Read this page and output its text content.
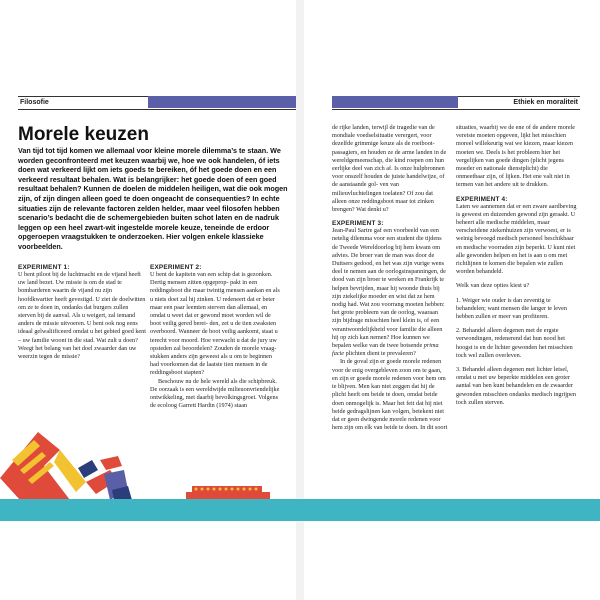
Filosofie
Morele keuzen
Van tijd tot tijd komen we allemaal voor kleine morele dilemma’s te staan. We worden geconfronteerd met keuzen waarbij we, hoe we ook handelen, óf iets doen wat verkeerd lijkt om iets goeds te bereiken, óf het goede doen en een verkeerd resultaat behalen. Wat is belangrijker: het goede doen of een goed resultaat behalen? Kunnen de doelen de middelen heiligen, wat die ook mogen zijn, of zijn dingen alleen goed te doen ongeacht de consequenties? In echte situaties zijn de relevante factoren zelden helder, maar veel filosofen hebben scenario’s bedacht die de schemergebieden buiten schot laten en de nadruk leggen op een heel zwart-wit ingestelde morele keuze, teneinde de erdoor opgeroepen vraagstukken te onderzoeken. Hier volgen enkele klassieke voorbeelden.
EXPERIMENT 1:

U bent piloot bij de luchtmacht en de vijand heeft uw land bezet. Uw missie is om de stad te bombarderen waarin de vijand nu zijn hoofdkwartier heeft gevestigd. U ziet de doelwitten om ze te doen in, ondanks dat burgers zullen sterven bij de aanval. Als u weigert, zal iemand anders de missie uitvoeren. U bent ook nog eens ideaal gelwaliificeerd omdat u het gebied goed kent – uw familie woont in die stad. Wat zult u doen? Weegt het belang van het doel zwaarder dan uw weerzin tegen de missie?

EXPERIMENT 2:

U bent de kapitein van een schip dat is gezonken. Dertig mensen zitten opgeprop- pakt in een reddingsboot die maar twintig mensen aankan en als u niets doet zal hij zinken. U redeneert dat er beter maar een paar leemten sterven dan allemaal, en omdat u weet dat er gewond moet worden wil de boot veilig gered berei- den, zet u de tien zwaksten overboord. Wanneer de boot veilig aankomt, staat u terecht voor moord. Hoe verwacht u dat de jury uw opsteden zal beoordelen? Zouden de morele vraag- stukken anders zijn geweest als u om te beginnen had voorkomen dat de laatste tien mensen in de reddingsboot stapten?

Beschouw nu de hele wereld als die schipbreuk. De oorzaak is een wereldwijde milieuonvriendelijke ontwikkeling, met daarbij bevolkingsgroei. Volgens de ecoloog Garrett Hardin (1974) staan

Ethiek en moraliteit

de rijke landen, terwijl de tragedie van de mondiale voedselsituatie verergert, voor dezelfde grimmige keuze als de roeiboot-passagiers, en houden ze de arme landen in de wereldgemeenschap, die kind roepen om hun eerlijke deel van zich af. Is onze hulpbronnen voor onszelf houden de juiste handelwijze, of de aanstaande gol- ven van milieuvluchtelingen toelaten? Of zou dat alleen onze reddingsboot maar tot zinken brengen? Wat denkt u?

EXPERIMENT 3:

Jean-Paul Sartre gaf een voorbeeld van een netelig dilemma voor een student die tijdens de Tweede Wereldoorlog bij hem kwam om advies. De broer van de man was door de Duitsers gedood, en het was zijn vurige wens deel te nemen aan de oorlogsinspanningen, de dood van zijn broer te wreken en Frankrijk te helpen bevrijden, maar hij woonde thuis bij zijn ziekelijke moeder en wist dat ze hem nodig had. Wat zou voorrang moeten hebben: het grote probleem van de oorlog, waaraan zijn bijdrage misschien heel klein is, of een verantwoordelijkheid voor familie die alleen hij op zich kan nemen? Hoe kunnen we bepalen welke van de twee botsende prima facie plichten dient te prevaleren?

In de goval zijn er goede morele redenen voor de enig overgebleven zoon om te gaan, en zijn er goede morele redenen voor hem om te blijven. Men kan niet zeggen dat hij de plicht heeft om beide te doen, omdat beide doen onmogelijk is. Maar het feit dat hij niet beide gedragslijnen kan volgen, betekent niet dat er geen dwingende morele redenen voor hem zijn om elk van beide te doen. In dit soort

situaties, waarbij we de ene of de andere morele vereiste moeten opgeven, lijkt het misschien moreel willekeurig wat we kiezen, maar kiezen moeten we. Deels is het probleem hier het vergelijken van goede dingen (plicht jegens moeder en nationale dienstplicht) die onmeetbaar zijn, of lijken. Het ene valt niet in termen van het andere uit te drukken.

EXPERIMENT 4:

Laten we aannemen dat er een zware aardbeving is geweest en duizenden gewond zijn geraakt. U beheert alle medische middelen, maar verscheidene ziekenhuizen zijn verwoest, er is weinig bevoegd medisch personeel beschikbaar en medische voorraden zijn beperkt. U kunt niet alle gewonden helpen en het is aan u om met richtlijnen te komen die bepalen wie zullen worden behandeld.

Welk van deze opties kiest u?

1. Weiger wie ouder is dan zeventig te behandelen; want mensen die langer te leven hebben zullen er meer van profiteren.

2. Behandel alleen degenen met de ergste verwondingen, redenerend dat hun nood het hoogst is en de lichter gewonden het misschien toch wel zullen overleven.

3. Behandel alleen degenen met lichter letsel, omdat u met uw beperkte middelen een groter aantal van hen kunt behandelen en de zwaarder gewonden misschien ondanks medisch ingrijpen toch zullen sterven.
